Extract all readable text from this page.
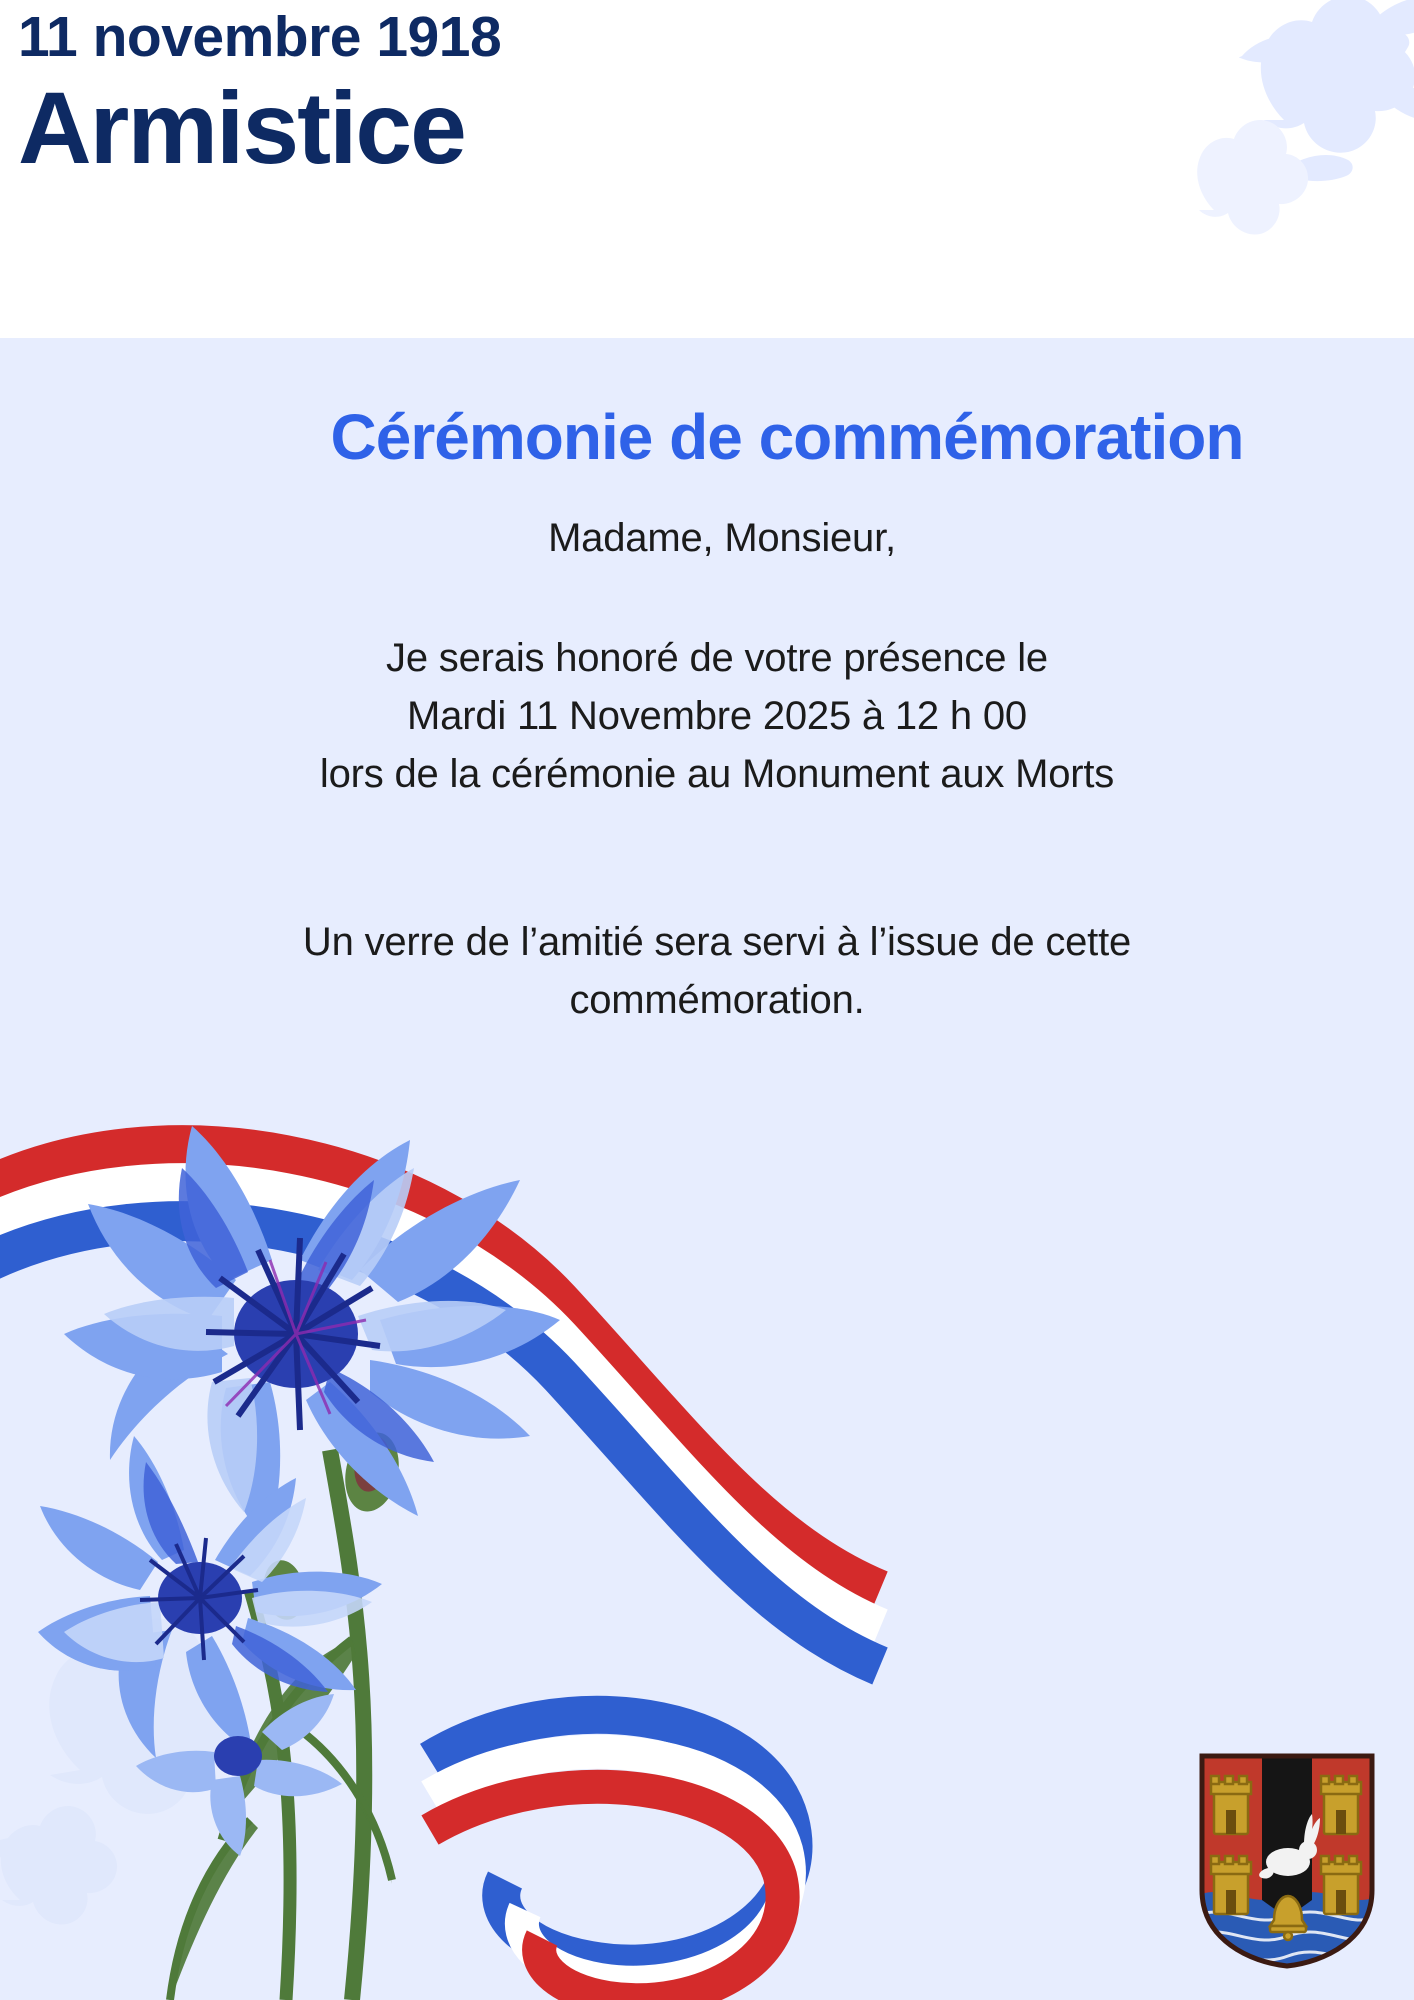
11 novembre 1918
Armistice
Cérémonie de commémoration
Madame, Monsieur,
Je serais honoré de votre présence le
Mardi 11 Novembre 2025 à 12 h 00
lors de la cérémonie au Monument aux Morts
Un verre de l’amitié sera servi à l’issue de cette commémoration.
